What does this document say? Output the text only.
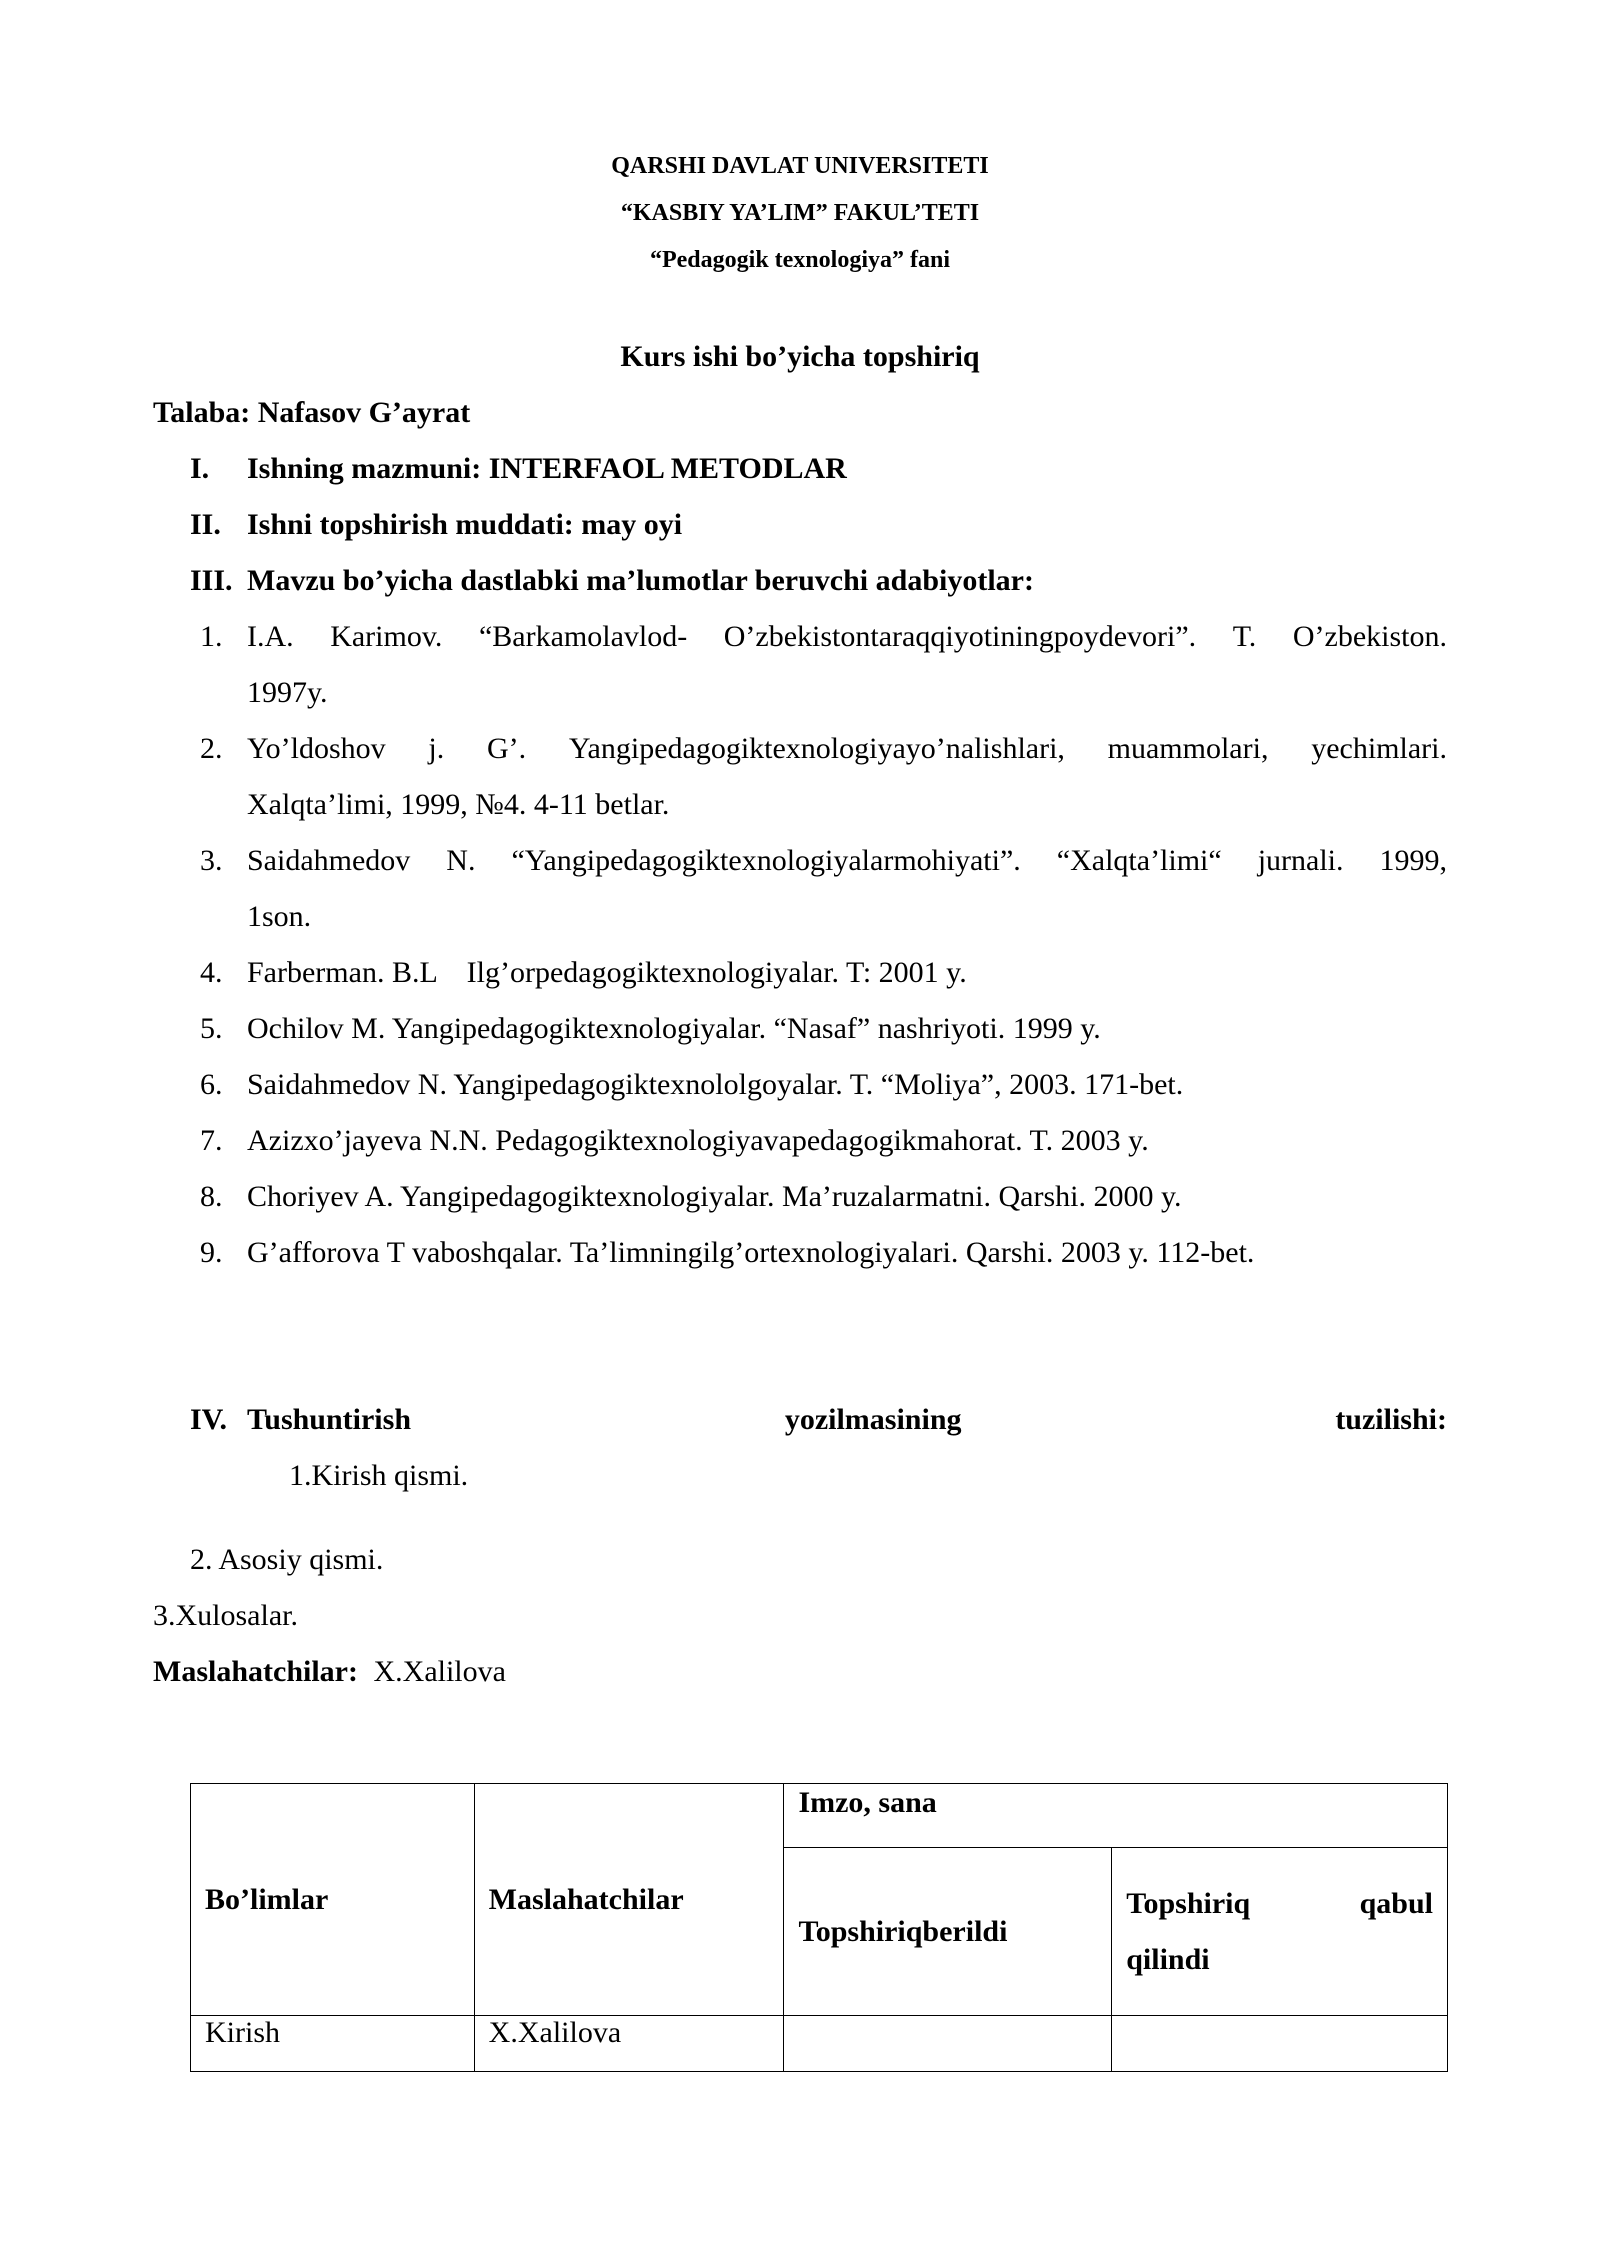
QARSHI DAVLAT UNIVERSITETI
“KASBIY YA’LIM” FAKUL’TETI
“Pedagogik texnologiya” fani
Kurs ishi bo’yicha topshiriq
Talaba: Nafasov G’ayrat
I. Ishning mazmuni: INTERFAOL METODLAR
II. Ishni topshirish muddati: may oyi
III. Mavzu bo’yicha dastlabki ma’lumotlar beruvchi adabiyotlar:
1. I.A. Karimov. “Barkamolavlod- O’zbekistontaraqqiyotiningpoydevori”. T. O’zbekiston.
1997y.
2. Yo’ldoshov j. G’. Yangipedagogiktexnologiyayo’nalishlari, muammolari, yechimlari.
Xalqta’limi, 1999, №4. 4-11 betlar.
3. Saidahmedov N. “Yangipedagogiktexnologiyalarmohiyati”. “Xalqta’limi“ jurnali. 1999,
1son.
4. Farberman. B.L    Ilg’orpedagogiktexnologiyalar. T: 2001 y.
5. Ochilov M. Yangipedagogiktexnologiyalar. “Nasaf” nashriyoti. 1999 y.
6. Saidahmedov N. Yangipedagogiktexnololgoyalar. T. “Moliya”, 2003. 171-bet.
7. Azizxo’jayeva N.N. Pedagogiktexnologiyavapedagogikmahorat. T. 2003 y.
8. Choriyev A. Yangipedagogiktexnologiyalar. Ma’ruzalarmatni. Qarshi. 2000 y.
9. G’afforova T vaboshqalar. Ta’limningilg’ortexnologiyalari. Qarshi. 2003 y. 112-bet.
IV. Tushuntirish	yozilmasining	tuzilishi:
1.Kirish qismi.
2. Asosiy qismi.
3.Xulosalar.
Maslahatchilar: X.Xalilova
Bo’limlar	Maslahatchilar	Imzo, sana	
		Topshiriqberildi	Topshiriq qabul
qilindi

Kirish	X.Xalilova		
